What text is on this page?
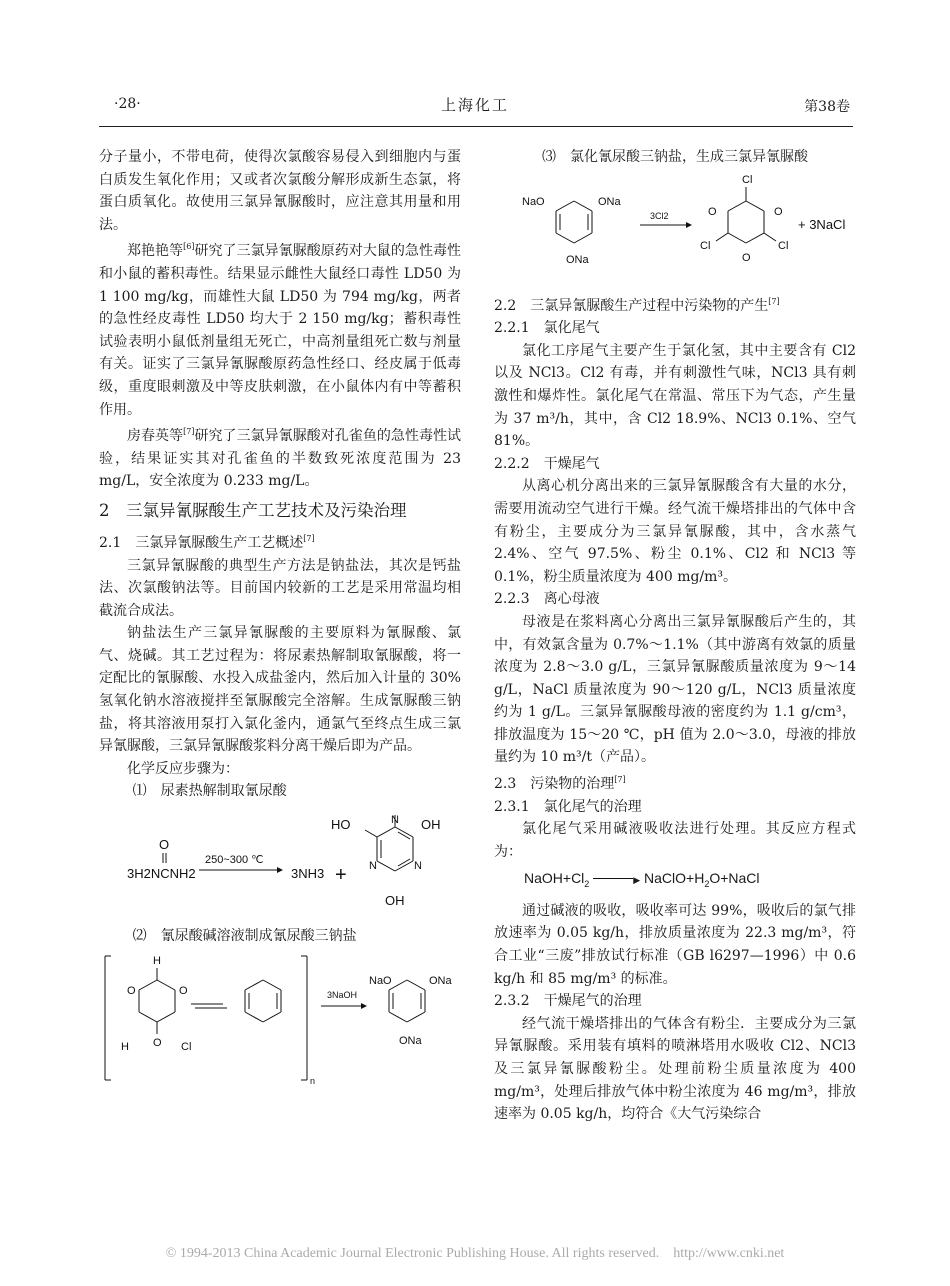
·28·	上海化工	第38卷

分子量小，不带电荷，使得次氯酸容易侵入到细胞内与蛋白质发生氧化作用；又或者次氯酸分解形成新生态氯，将蛋白质氧化。故使用三氯异氰脲酸时，应注意其用量和用法。

郑艳艳等[6]研究了三氯异氰脲酸原药对大鼠的急性毒性和小鼠的蓄积毒性。结果显示雌性大鼠经口毒性 LD50 为 1 100 mg/kg，而雄性大鼠 LD50 为 794 mg/kg，两者的急性经皮毒性 LD50 均大于 2 150 mg/kg；蓄积毒性试验表明小鼠低剂量组无死亡，中高剂量组死亡数与剂量有关。证实了三氯异氰脲酸原药急性经口、经皮属于低毒级，重度眼刺激及中等皮肤刺激，在小鼠体内有中等蓄积作用。

房春英等[7]研究了三氯异氰脲酸对孔雀鱼的急性毒性试验，结果证实其对孔雀鱼的半数致死浓度范围为 23 mg/L，安全浓度为 0.233 mg/L。

2　三氯异氰脲酸生产工艺技术及污染治理

2.1　三氯异氰脲酸生产工艺概述[7]

三氯异氰脲酸的典型生产方法是钠盐法，其次是钙盐法、次氯酸钠法等。目前国内较新的工艺是采用常温均相截流合成法。

钠盐法生产三氯异氰脲酸的主要原料为氰脲酸、氯气、烧碱。其工艺过程为：将尿素热解制取氰脲酸，将一定配比的氰脲酸、水投入成盐釜内，然后加入计量的 30% 氢氧化钠水溶液搅拌至氰脲酸完全溶解。生成氰脲酸三钠盐，将其溶液用泵打入氯化釜内，通氯气至终点生成三氯异氰脲酸，三氯异氰脲酸浆料分离干燥后即为产品。

化学反应步骤为：

⑴　尿素热解制取氰尿酸

O
3H2NCNH2
250~300 ℃
3NH3 +
HO	OH
OH
N	N
N

⑵　氰尿酸碱溶液制成氰尿酸三钠盐

H
H	Cl
O	O
O
3NaOH
NaO	ONa
ONa
n

⑶　氯化氰尿酸三钠盐，生成三氯异氰脲酸

3Cl2
NaO	ONa
ONa
Cl
Cl	Cl
O	O
O
+ 3NaCl

2.2　三氯异氰脲酸生产过程中污染物的产生[7]

2.2.1　氯化尾气

氯化工序尾气主要产生于氯化氢，其中主要含有 Cl2 以及 NCl3。Cl2 有毒，并有刺激性气味，NCl3 具有刺激性和爆炸性。氯化尾气在常温、常压下为气态，产生量为 37 m³/h，其中，含 Cl2 18.9%、NCl3 0.1%、空气 81%。

2.2.2　干燥尾气

从离心机分离出来的三氯异氰脲酸含有大量的水分，需要用流动空气进行干燥。经气流干燥塔排出的气体中含有粉尘，主要成分为三氯异氰脲酸，其中，含水蒸气 2.4%、空气 97.5%、粉尘 0.1%、Cl2 和 NCl3 等 0.1%，粉尘质量浓度为 400 mg/m³。

2.2.3　离心母液

母液是在浆料离心分离出三氯异氰脲酸后产生的，其中，有效氯含量为 0.7%～1.1%（其中游离有效氯的质量浓度为 2.8～3.0 g/L，三氯异氰脲酸质量浓度为 9～14 g/L，NaCl 质量浓度为 90～120 g/L，NCl3 质量浓度约为 1 g/L。三氯异氰脲酸母液的密度约为 1.1 g/cm³，排放温度为 15～20 ℃，pH 值为 2.0～3.0，母液的排放量约为 10 m³/t（产品）。

2.3　污染物的治理[7]

2.3.1　氯化尾气的治理

氯化尾气采用碱液吸收法进行处理。其反应方程式为：

$NaOH+Cl_2$	▶ $NaClO+H_2O+NaCl$

通过碱液的吸收，吸收率可达 99%，吸收后的氯气排放速率为 0.05 kg/h，排放质量浓度为 22.3 mg/m³，符合工业“三废”排放试行标准（GB l6297—1996）中 0.6 kg/h 和 85 mg/m³ 的标准。

2.3.2　干燥尾气的治理

经气流干燥塔排出的气体含有粉尘．主要成分为三氯异氰脲酸。采用装有填料的喷淋塔用水吸收 Cl2、NCl3 及三氯异氰脲酸粉尘。处理前粉尘质量浓度为 400 mg/m³，处理后排放气体中粉尘浓度为 46 mg/m³，排放速率为 0.05 kg/h，均符合《大气污染综合

© 1994-2013 China Academic Journal Electronic Publishing House. All rights reserved.　http://www.cnki.net
